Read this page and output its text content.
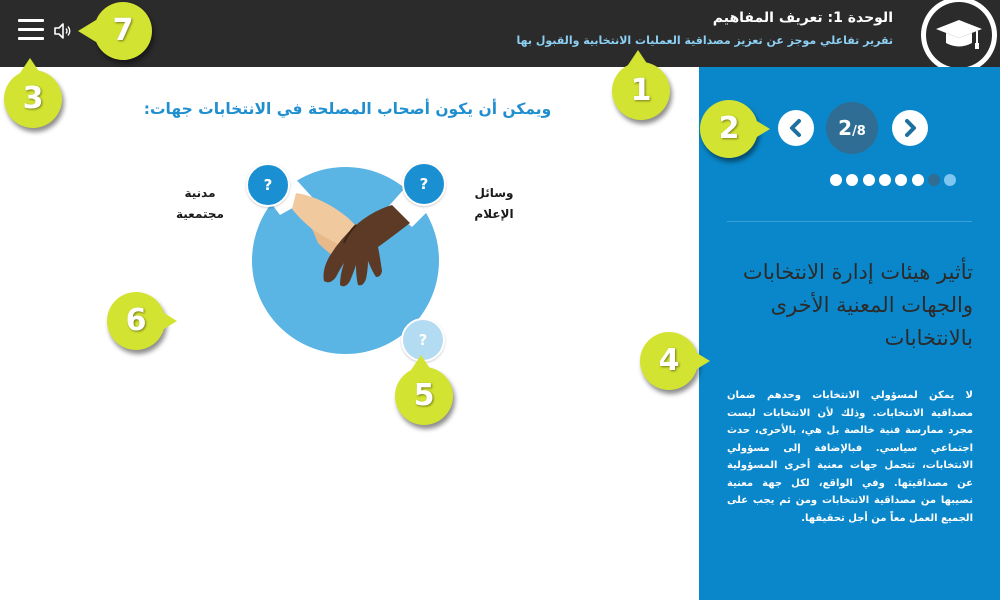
الوحدة 1: تعريف المفاهيم
تقرير تفاعلي موجز عن تعزيز مصداقية العمليات الانتخابية والقبول بها
2/8
تأثير هيئات إدارة الانتخابات والجهات المعنية الأخرى بالانتخابات
لا يمكن لمسؤولي الانتخابات وحدهم ضمان مصداقية الانتخابات. وذلك لأن الانتخابات ليست مجرد ممارسة فنية خالصة بل هي، بالأحرى، حدث اجتماعي سياسي. فبالإضافة إلى مسؤولي الانتخابات، تتحمل جهات معنية أخرى المسؤولية عن مصداقيتها. وفي الواقع، لكل جهة معنية نصيبها من مصداقية الانتخابات ومن ثم يجب على الجميع العمل معاً من أجل تحقيقها.
ويمكن أن يكون أصحاب المصلحة في الانتخابات جهات:
?	?
?
مدنية مجتمعية
وسائل الإعلام
1
2
3
4
5
6
7
